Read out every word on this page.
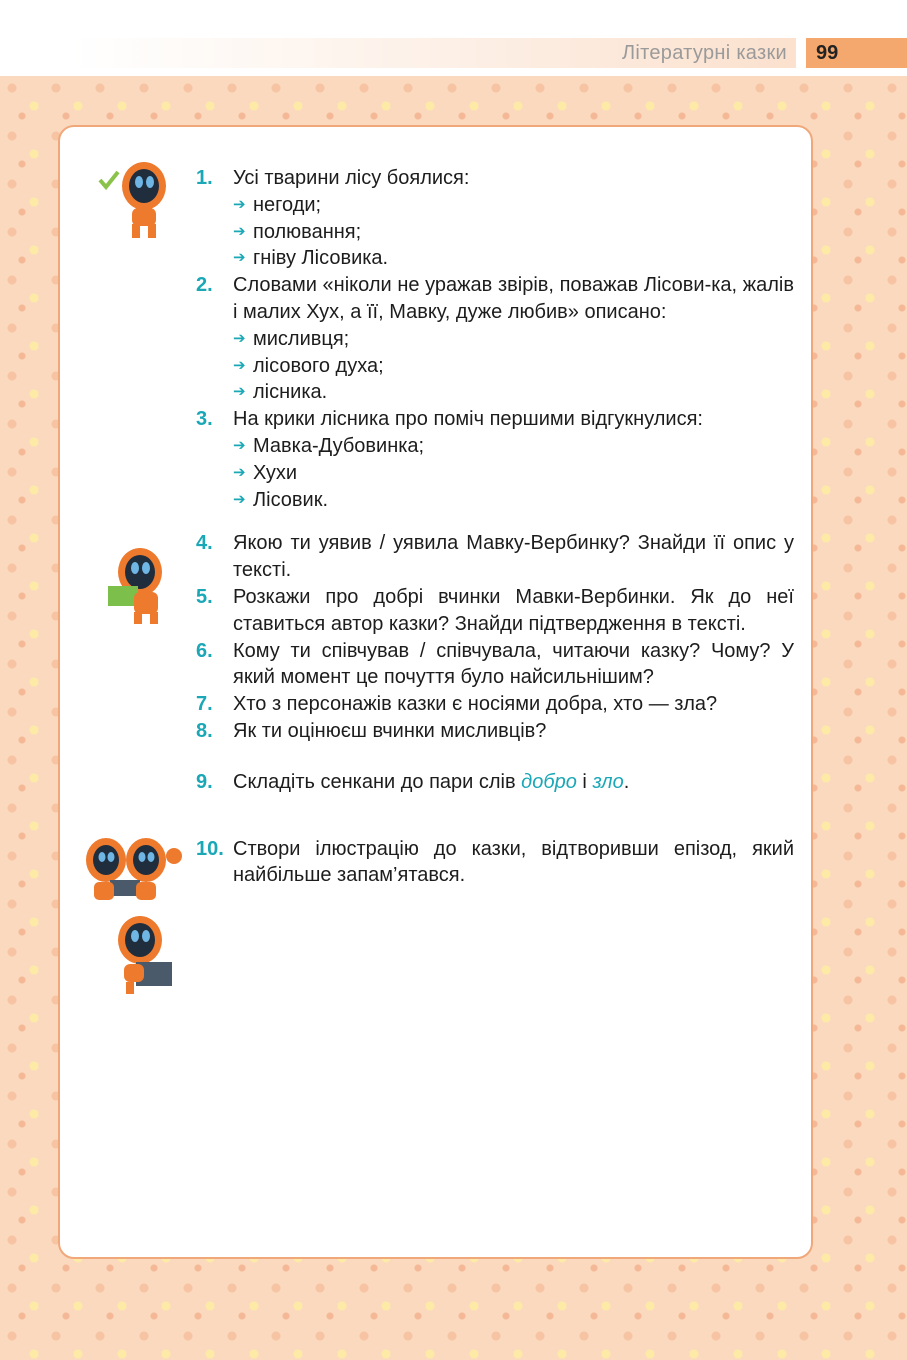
Літературні казки	99
1.	Усі тварини лісу боялися:
➔ негоди;
➔ полювання;
➔ гніву Лісовика.
2.	Словами «ніколи не уражав звірів, поважав Лісови-ка, жалів і малих Хух, а її, Мавку, дуже любив» описано:
➔ мисливця;
➔ лісового духа;
➔ лісника.
3.	На крики лісника про поміч першими відгукнулися:
➔ Мавка-Дубовинка;
➔ Хухи
➔ Лісовик.
4.	Якою ти уявив / уявила Мавку-Вербинку? Знайди її опис у тексті.
5.	Розкажи про добрі вчинки Мавки-Вербинки. Як до неї ставиться автор казки? Знайди підтвердження в тексті.
6.	Кому ти співчував / співчувала, читаючи казку? Чому? У який момент це почуття було найсильнішим?
7.	Хто з персонажів казки є носіями добра, хто — зла?
8.	Як ти оцінюєш вчинки мисливців?
9.	Складіть сенкани до пари слів добро і зло.
10. Створи ілюстрацію до казки, відтворивши епізод, який найбільше запам’ятався.
